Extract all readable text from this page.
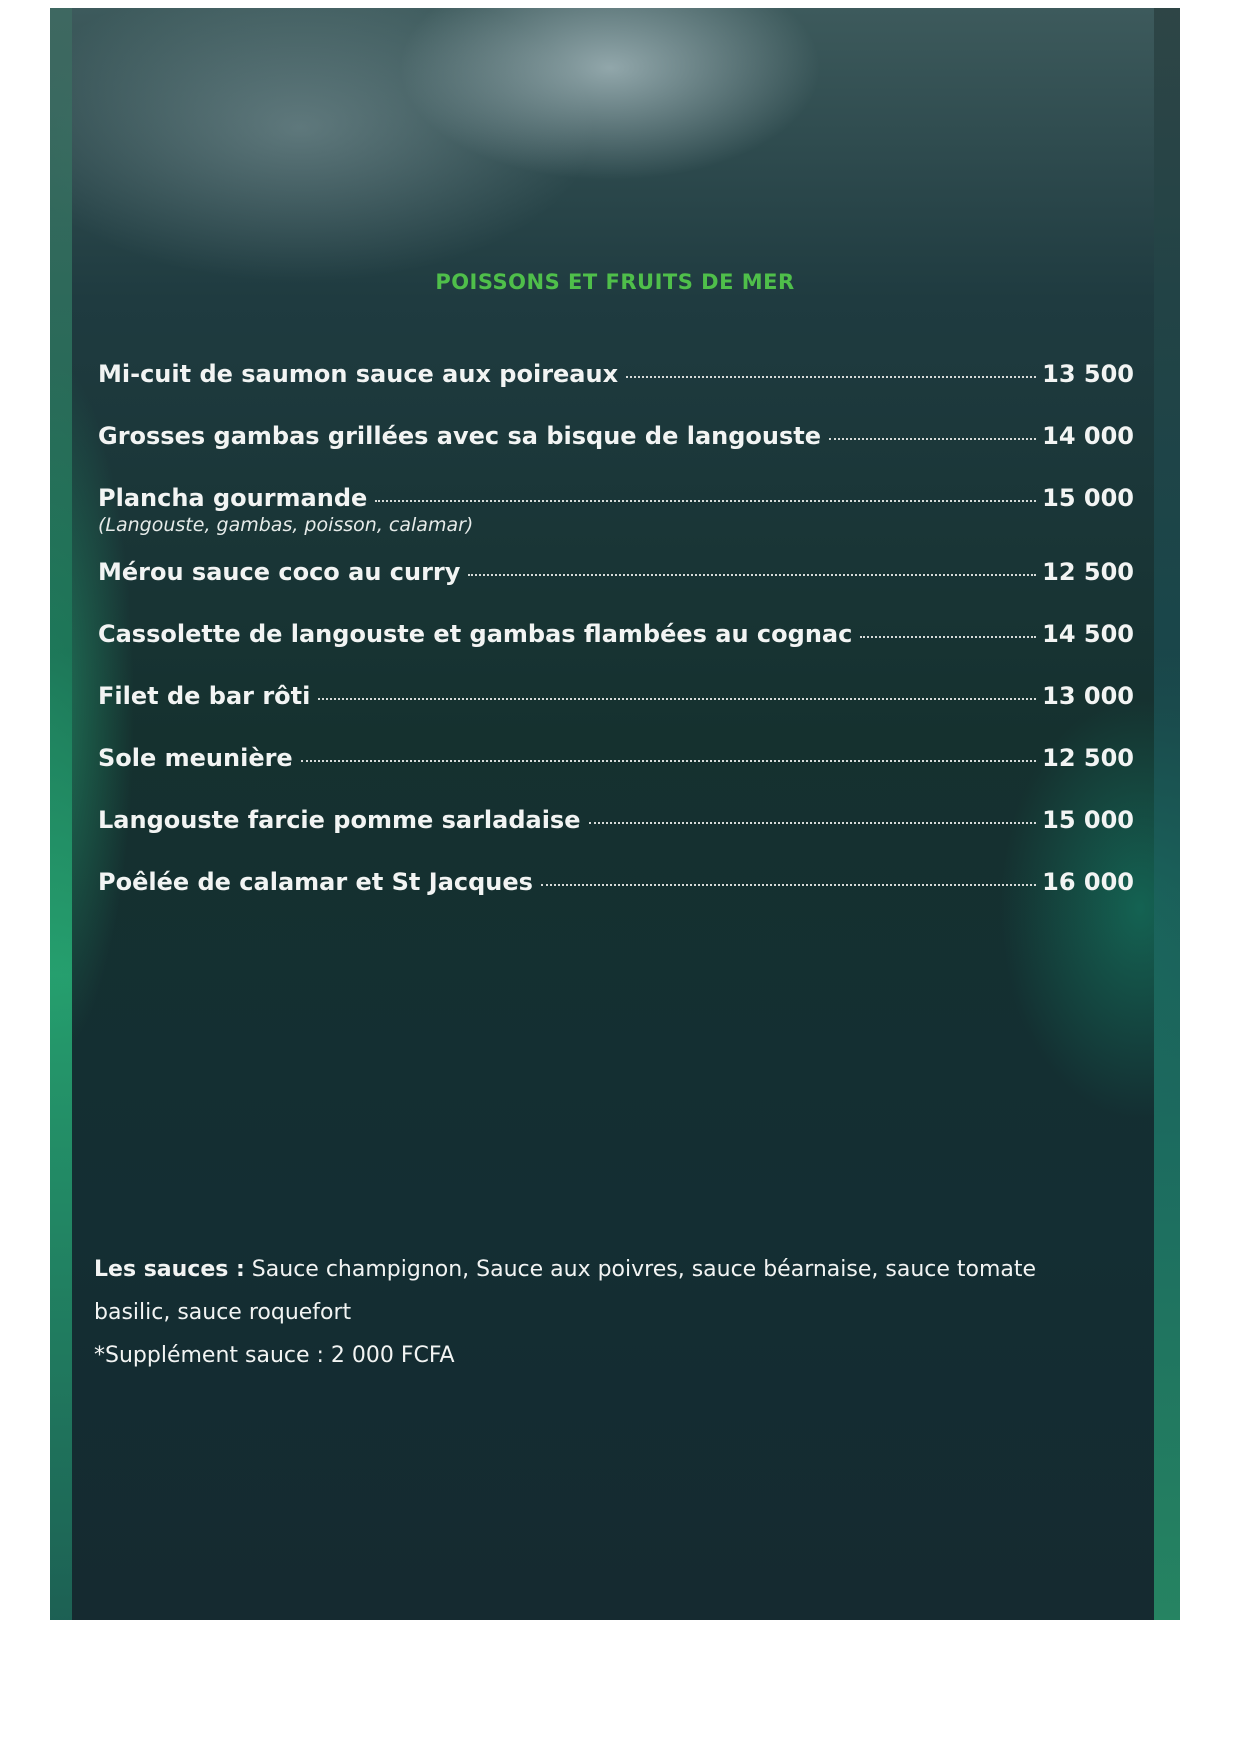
POISSONS ET FRUITS DE MER
Mi-cuit de saumon sauce aux poireaux	13 500
Grosses gambas grillées avec sa bisque de langouste	14 000
Plancha gourmande	15 000
(Langouste, gambas, poisson, calamar)
Mérou sauce coco au curry	12 500
Cassolette de langouste et gambas flambées au cognac	14 500
Filet de bar rôti	13 000
Sole meunière	12 500
Langouste farcie pomme sarladaise	15 000
Poêlée de calamar et St Jacques	16 000
Les sauces : Sauce champignon, Sauce aux poivres, sauce béarnaise, sauce tomate
basilic, sauce roquefort
*Supplément sauce : 2 000 FCFA
